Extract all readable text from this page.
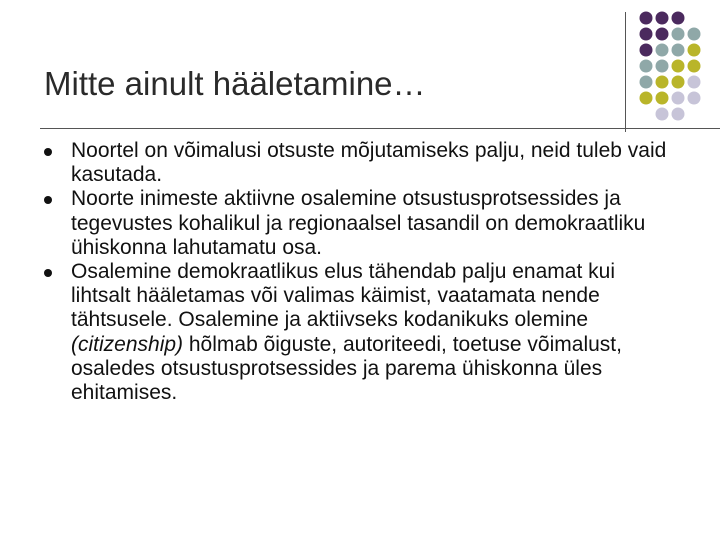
Mitte ainult hääletamine…
Noortel on võimalusi otsuste mõjutamiseks palju, neid tuleb vaid kasutada.
Noorte inimeste aktiivne osalemine otsustusprotsessides ja tegevustes kohalikul ja regionaalsel tasandil on demokraatliku ühiskonna lahutamatu osa.
Osalemine demokraatlikus elus tähendab palju enamat kui lihtsalt hääletamas või valimas käimist, vaatamata nende tähtsusele. Osalemine ja aktiivseks kodanikuks olemine (citizenship) hõlmab õiguste, autoriteedi, toetuse võimalust, osaledes otsustusprotsessides ja parema ühiskonna üles ehitamises.
